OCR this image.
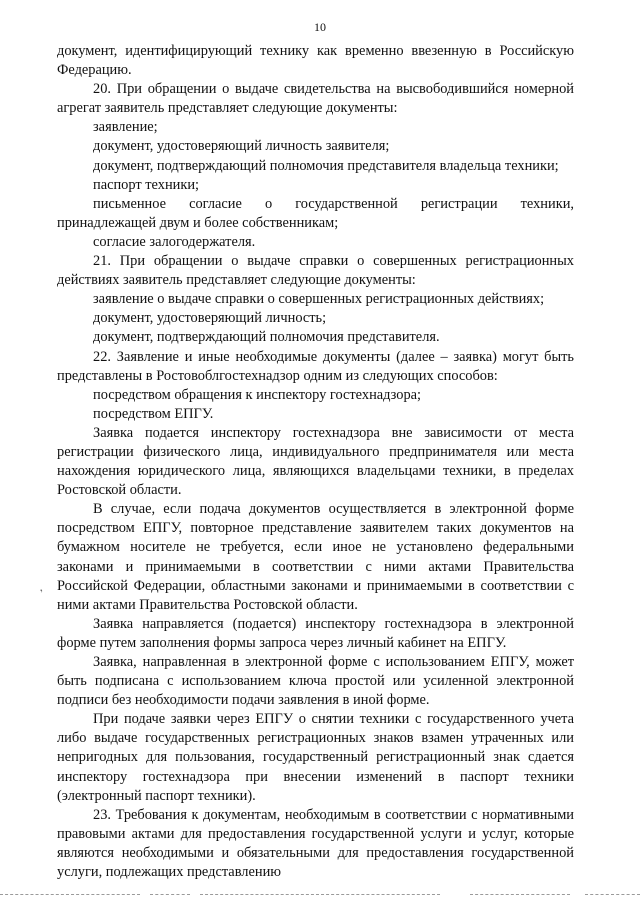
10

документ, идентифицирующий технику как временно ввезенную в Российскую Федерацию.

20. При обращении о выдаче свидетельства на высвободившийся номерной агрегат заявитель представляет следующие документы:

заявление;

документ, удостоверяющий личность заявителя;

документ, подтверждающий полномочия представителя владельца техники;

паспорт техники;

письменное согласие о государственной регистрации техники, принадлежащей двум и более собственникам;

согласие залогодержателя.

21. При обращении о выдаче справки о совершенных регистрационных действиях заявитель представляет следующие документы:

заявление о выдаче справки о совершенных регистрационных действиях;

документ, удостоверяющий личность;

документ, подтверждающий полномочия представителя.

22. Заявление и иные необходимые документы (далее – заявка) могут быть представлены в Ростовоблгостехнадзор одним из следующих способов:

посредством обращения к инспектору гостехнадзора;

посредством ЕПГУ.

Заявка подается инспектору гостехнадзора вне зависимости от места регистрации физического лица, индивидуального предпринимателя или места нахождения юридического лица, являющихся владельцами техники, в пределах Ростовской области.

В случае, если подача документов осуществляется в электронной форме посредством ЕПГУ, повторное представление заявителем таких документов на бумажном носителе не требуется, если иное не установлено федеральными законами и принимаемыми в соответствии с ними актами Правительства Российской Федерации, областными законами и принимаемыми в соответствии с ними актами Правительства Ростовской области.

Заявка направляется (подается) инспектору гостехнадзора в электронной форме путем заполнения формы запроса через личный кабинет на ЕПГУ.

Заявка, направленная в электронной форме с использованием ЕПГУ, может быть подписана с использованием ключа простой или усиленной электронной подписи без необходимости подачи заявления в иной форме.

При подаче заявки через ЕПГУ о снятии техники с государственного учета либо выдаче государственных регистрационных знаков взамен утраченных или непригодных для пользования, государственный регистрационный знак сдается инспектору гостехнадзора при внесении изменений в паспорт техники (электронный паспорт техники).

23. Требования к документам, необходимым в соответствии с нормативными правовыми актами для предоставления государственной услуги и услуг, которые являются необходимыми и обязательными для предоставления государственной услуги, подлежащих представлению

‚
